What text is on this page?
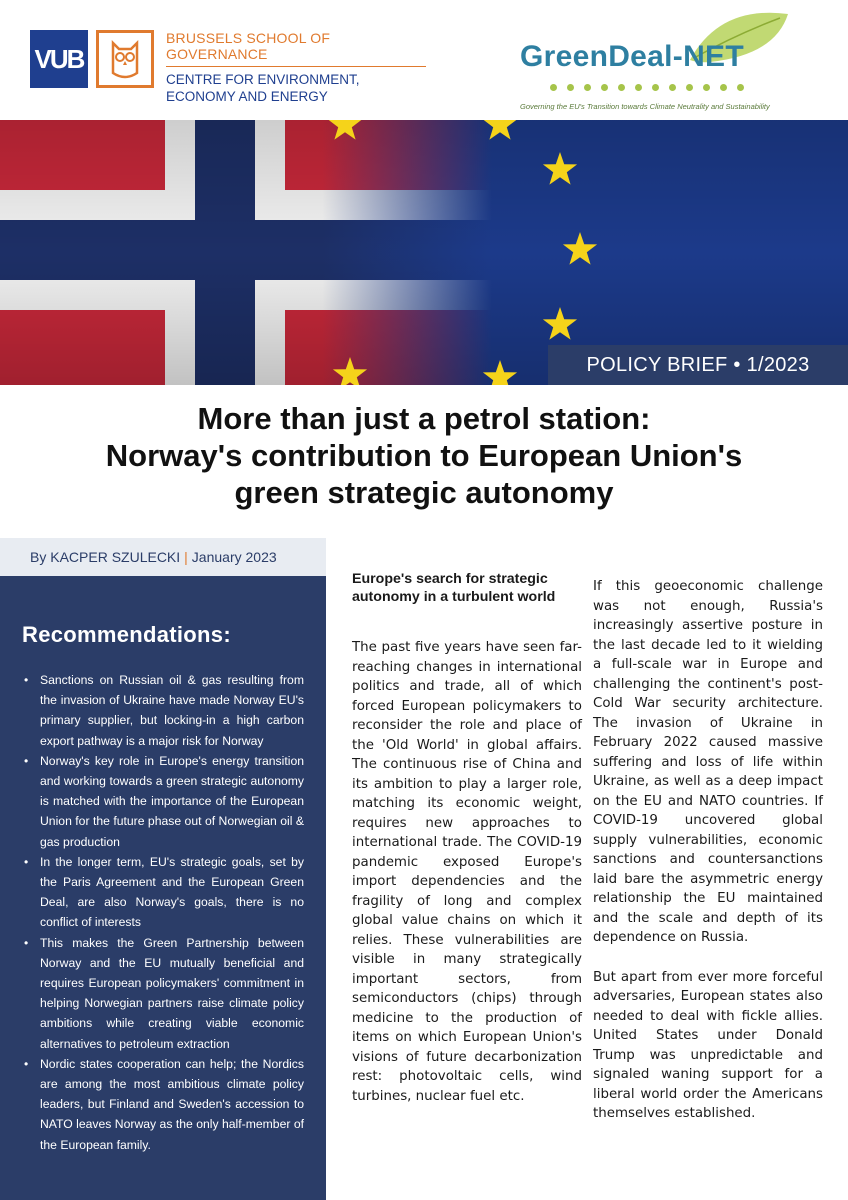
VUB
BRUSSELS SCHOOL OF GOVERNANCE
CENTRE FOR ENVIRONMENT,
ECONOMY AND ENERGY
GreenDeal-NET
Governing the EU's Transition towards Climate Neutrality and Sustainability
POLICY BRIEF • 1/2023
More than just a petrol station:
Norway's contribution to European Union's
green strategic autonomy
By KACPER SZULECKI | January 2023
Recommendations:
• Sanctions on Russian oil & gas resulting from the invasion of Ukraine have made Norway EU's primary supplier, but locking-in a high carbon export pathway is a major risk for Norway
• Norway's key role in Europe's energy transition and working towards a green strategic autonomy is matched with the importance of the European Union for the future phase out of Norwegian oil & gas production
• In the longer term, EU's strategic goals, set by the Paris Agreement and the European Green Deal, are also Norway's goals, there is no conflict of interests
• This makes the Green Partnership between Norway and the EU mutually beneficial and requires European policymakers' commitment in helping Norwegian partners raise climate policy ambitions while creating viable economic alternatives to petroleum extraction
• Nordic states cooperation can help; the Nordics are among the most ambitious climate policy leaders, but Finland and Sweden's accession to NATO leaves Norway as the only half-member of the European family.
Europe's search for strategic autonomy in a turbulent world

The past five years have seen far-reaching changes in international politics and trade, all of which forced European policymakers to reconsider the role and place of the 'Old World' in global affairs. The continuous rise of China and its ambition to play a larger role, matching its economic weight, requires new approaches to international trade. The COVID-19 pandemic exposed Europe's import dependencies and the fragility of long and complex global value chains on which it relies. These vulnerabilities are visible in many strategically important sectors, from semiconductors (chips) through medicine to the production of items on which European Union's visions of future decarbonization rest: photovoltaic cells, wind turbines, nuclear fuel etc.

If this geoeconomic challenge was not enough, Russia's increasingly assertive posture in the last decade led to it wielding a full-scale war in Europe and challenging the continent's post-Cold War security architecture. The invasion of Ukraine in February 2022 caused massive suffering and loss of life within Ukraine, as well as a deep impact on the EU and NATO countries. If COVID-19 uncovered global supply vulnerabilities, economic sanctions and countersanctions laid bare the asymmetric energy relationship the EU maintained and the scale and depth of its dependence on Russia.

But apart from ever more forceful adversaries, European states also needed to deal with fickle allies. United States under Donald Trump was unpredictable and signaled waning support for a liberal world order the Americans themselves established.
